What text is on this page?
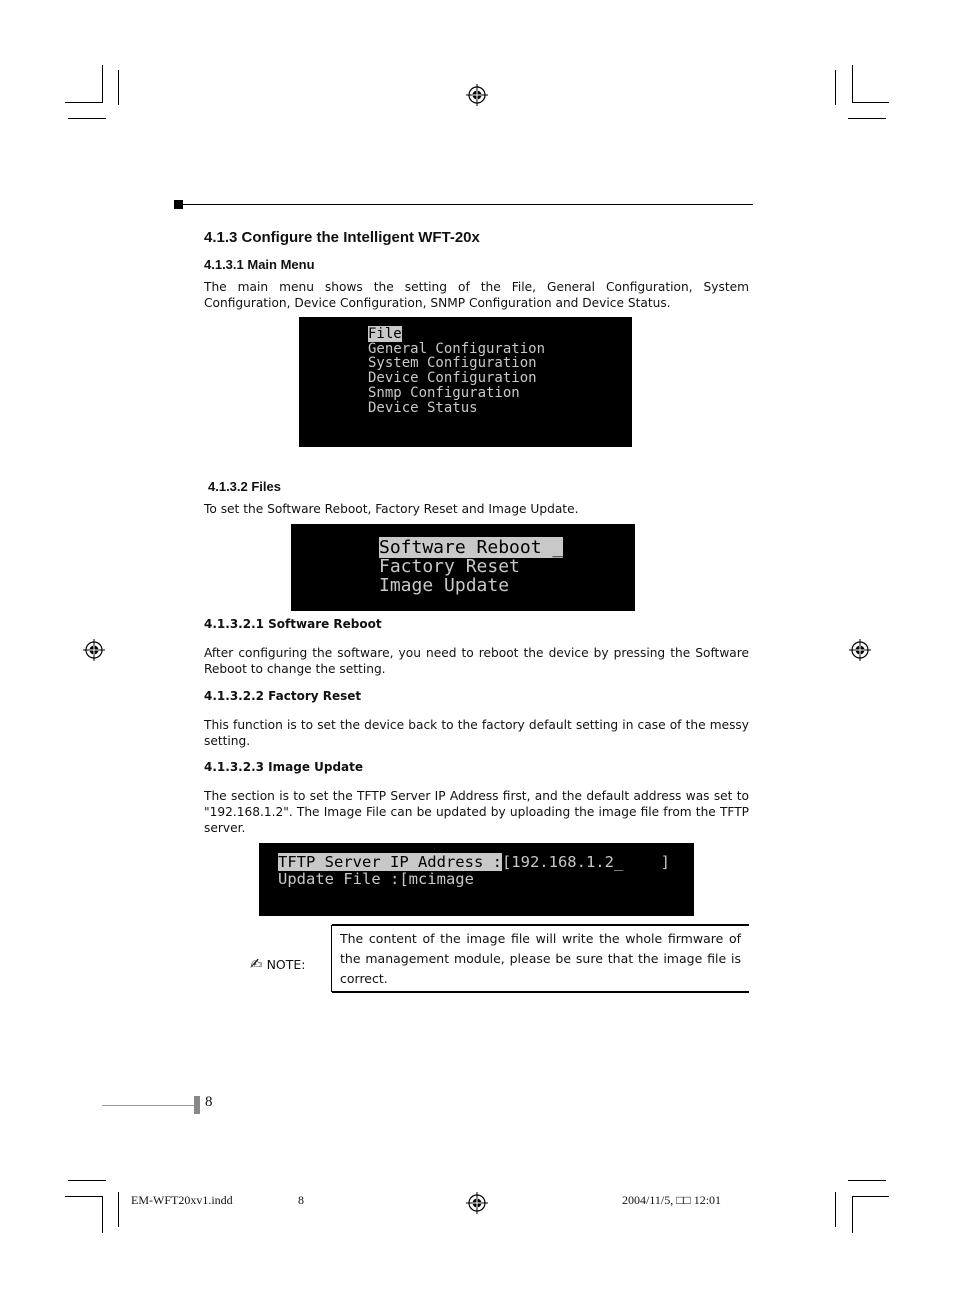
4.1.3 Configure the Intelligent WFT-20x
4.1.3.1 Main Menu
The main menu shows the setting of the File, General Configuration, System Configuration, Device Configuration, SNMP Configuration and Device Status.
File
General Configuration
System Configuration
Device Configuration
Snmp Configuration
Device Status
4.1.3.2 Files
To set the Software Reboot, Factory Reset and Image Update.
Software Reboot _
Factory Reset
Image Update
4.1.3.2.1 Software Reboot
After configuring the software, you need to reboot the device by pressing the Software Reboot to change the setting.
4.1.3.2.2 Factory Reset
This function is to set the device back to the factory default setting in case of the messy setting.
4.1.3.2.3 Image Update
The section is to set the TFTP Server IP Address first, and the default address was set to "192.168.1.2". The Image File can be updated by uploading the image file from the TFTP server.
TFTP Server IP Address :[192.168.1.2_    ]
Update File :[mcimage
✍ NOTE:
The content of the image file will write the whole firmware of the management module, please be sure that the image file is correct.
8
EM-WFT20xv1.indd	8	2004/11/5, □□ 12:01
